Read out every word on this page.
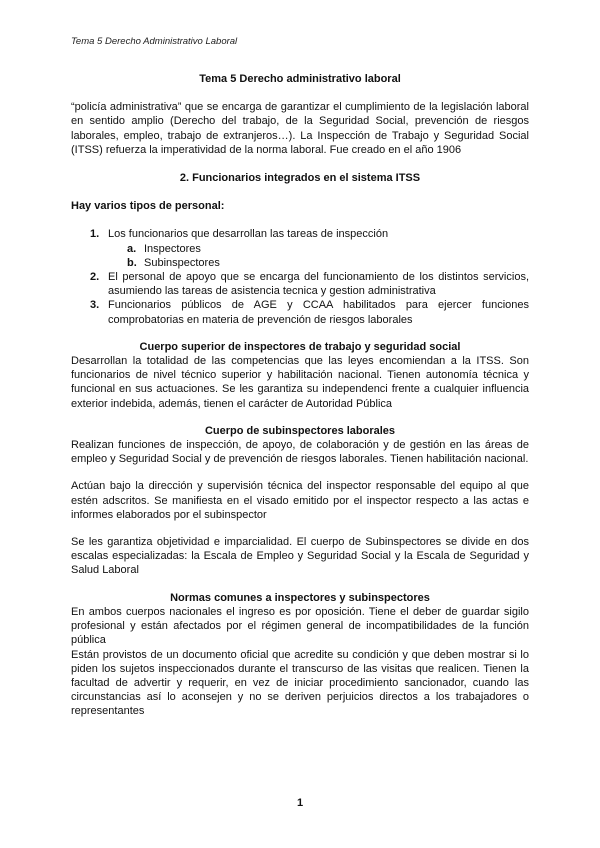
Tema 5 Derecho Administrativo Laboral
Tema 5 Derecho administrativo laboral
“policía administrativa” que se encarga de garantizar el cumplimiento de la legislación laboral en sentido amplio (Derecho del trabajo, de la Seguridad Social, prevención de riesgos laborales, empleo, trabajo de extranjeros…). La Inspección de Trabajo y Seguridad Social (ITSS) refuerza la imperatividad de la norma laboral. Fue creado en el año 1906
2. Funcionarios integrados en el sistema ITSS
Hay varios tipos de personal:
1. Los funcionarios que desarrollan las tareas de inspección
a. Inspectores
b. Subinspectores
2. El personal de apoyo que se encarga del funcionamiento de los distintos servicios, asumiendo las tareas de asistencia tecnica y gestion administrativa
3. Funcionarios públicos de AGE y CCAA habilitados para ejercer funciones comprobatorias en materia de prevención de riesgos laborales
Cuerpo superior de inspectores de trabajo y seguridad social
Desarrollan la totalidad de las competencias que las leyes encomiendan a la ITSS. Son funcionarios de nivel técnico superior y habilitación nacional. Tienen autonomía técnica y funcional en sus actuaciones. Se les garantiza su independenci frente a cualquier influencia exterior indebida, además, tienen el carácter de Autoridad Pública
Cuerpo de subinspectores laborales
Realizan funciones de inspección, de apoyo, de colaboración y de gestión en las áreas de empleo y Seguridad Social y de prevención de riesgos laborales. Tienen habilitación nacional.
Actúan bajo la dirección y supervisión técnica del inspector responsable del equipo al que estén adscritos. Se manifiesta en el visado emitido por el inspector respecto a las actas e informes elaborados por el subinspector
Se les garantiza objetividad e imparcialidad. El cuerpo de Subinspectores se divide en dos escalas especializadas: la Escala de Empleo y Seguridad Social y la Escala de Seguridad y Salud Laboral
Normas comunes a inspectores y subinspectores
En ambos cuerpos nacionales el ingreso es por oposición. Tiene el deber de guardar sigilo profesional y están afectados por el régimen general de incompatibilidades de la función pública
Están provistos de un documento oficial que acredite su condición y que deben mostrar si lo piden los sujetos inspeccionados durante el transcurso de las visitas que realicen. Tienen la facultad de advertir y requerir, en vez de iniciar procedimiento sancionador, cuando las circunstancias así lo aconsejen y no se deriven perjuicios directos a los trabajadores o representantes
1
